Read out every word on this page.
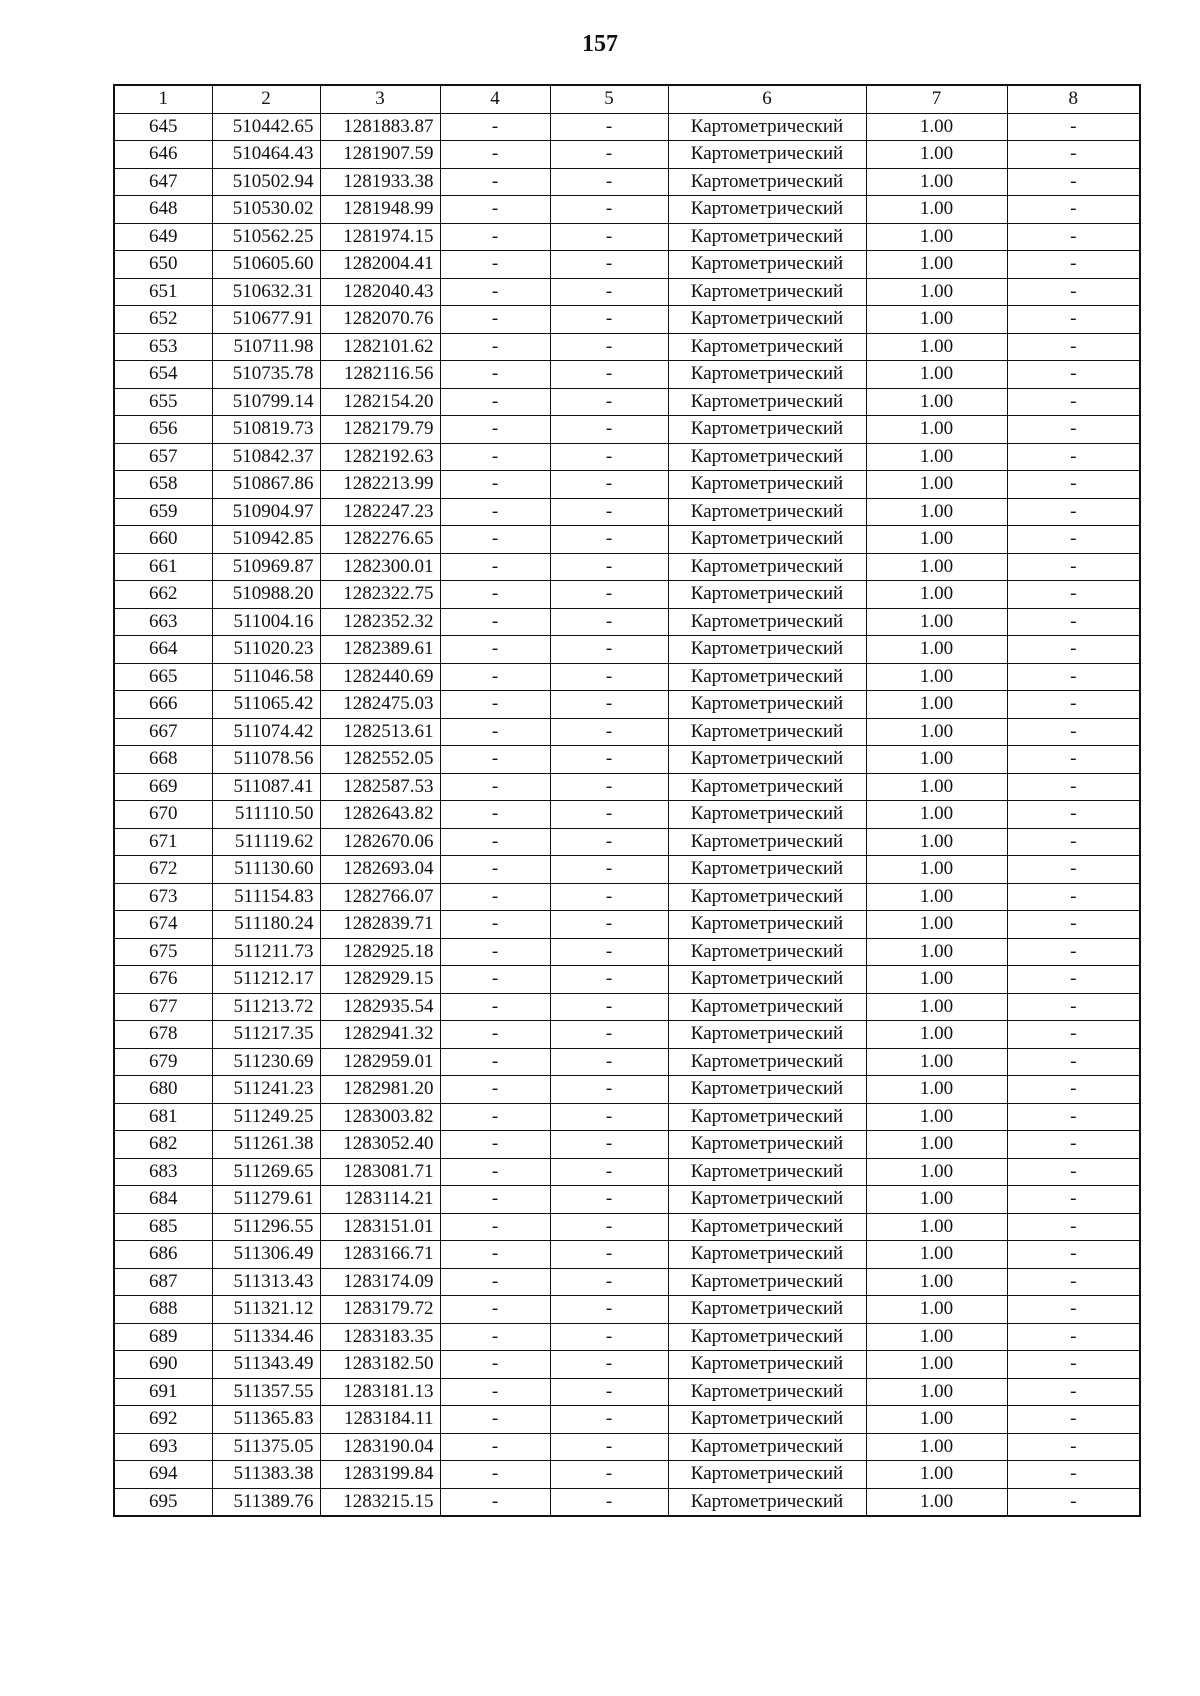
157
1	2	3	4	5	6	7	8
645	510442.65	1281883.87	-	-	Картометрический	1.00	-
646	510464.43	1281907.59	-	-	Картометрический	1.00	-
647	510502.94	1281933.38	-	-	Картометрический	1.00	-
648	510530.02	1281948.99	-	-	Картометрический	1.00	-
649	510562.25	1281974.15	-	-	Картометрический	1.00	-
650	510605.60	1282004.41	-	-	Картометрический	1.00	-
651	510632.31	1282040.43	-	-	Картометрический	1.00	-
652	510677.91	1282070.76	-	-	Картометрический	1.00	-
653	510711.98	1282101.62	-	-	Картометрический	1.00	-
654	510735.78	1282116.56	-	-	Картометрический	1.00	-
655	510799.14	1282154.20	-	-	Картометрический	1.00	-
656	510819.73	1282179.79	-	-	Картометрический	1.00	-
657	510842.37	1282192.63	-	-	Картометрический	1.00	-
658	510867.86	1282213.99	-	-	Картометрический	1.00	-
659	510904.97	1282247.23	-	-	Картометрический	1.00	-
660	510942.85	1282276.65	-	-	Картометрический	1.00	-
661	510969.87	1282300.01	-	-	Картометрический	1.00	-
662	510988.20	1282322.75	-	-	Картометрический	1.00	-
663	511004.16	1282352.32	-	-	Картометрический	1.00	-
664	511020.23	1282389.61	-	-	Картометрический	1.00	-
665	511046.58	1282440.69	-	-	Картометрический	1.00	-
666	511065.42	1282475.03	-	-	Картометрический	1.00	-
667	511074.42	1282513.61	-	-	Картометрический	1.00	-
668	511078.56	1282552.05	-	-	Картометрический	1.00	-
669	511087.41	1282587.53	-	-	Картометрический	1.00	-
670	511110.50	1282643.82	-	-	Картометрический	1.00	-
671	511119.62	1282670.06	-	-	Картометрический	1.00	-
672	511130.60	1282693.04	-	-	Картометрический	1.00	-
673	511154.83	1282766.07	-	-	Картометрический	1.00	-
674	511180.24	1282839.71	-	-	Картометрический	1.00	-
675	511211.73	1282925.18	-	-	Картометрический	1.00	-
676	511212.17	1282929.15	-	-	Картометрический	1.00	-
677	511213.72	1282935.54	-	-	Картометрический	1.00	-
678	511217.35	1282941.32	-	-	Картометрический	1.00	-
679	511230.69	1282959.01	-	-	Картометрический	1.00	-
680	511241.23	1282981.20	-	-	Картометрический	1.00	-
681	511249.25	1283003.82	-	-	Картометрический	1.00	-
682	511261.38	1283052.40	-	-	Картометрический	1.00	-
683	511269.65	1283081.71	-	-	Картометрический	1.00	-
684	511279.61	1283114.21	-	-	Картометрический	1.00	-
685	511296.55	1283151.01	-	-	Картометрический	1.00	-
686	511306.49	1283166.71	-	-	Картометрический	1.00	-
687	511313.43	1283174.09	-	-	Картометрический	1.00	-
688	511321.12	1283179.72	-	-	Картометрический	1.00	-
689	511334.46	1283183.35	-	-	Картометрический	1.00	-
690	511343.49	1283182.50	-	-	Картометрический	1.00	-
691	511357.55	1283181.13	-	-	Картометрический	1.00	-
692	511365.83	1283184.11	-	-	Картометрический	1.00	-
693	511375.05	1283190.04	-	-	Картометрический	1.00	-
694	511383.38	1283199.84	-	-	Картометрический	1.00	-
695	511389.76	1283215.15	-	-	Картометрический	1.00	-
